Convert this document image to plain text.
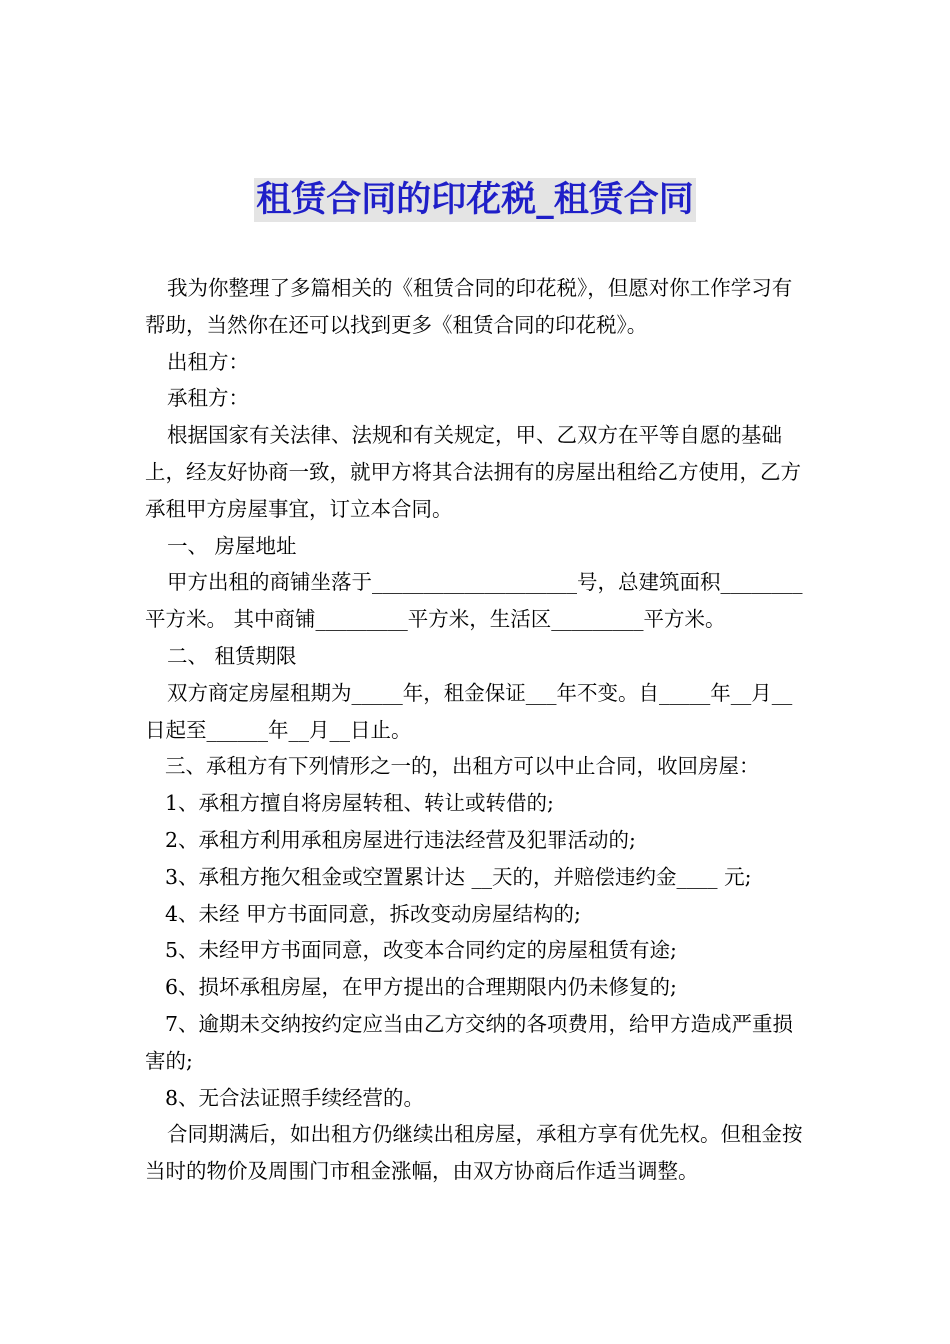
租赁合同的印花税_租赁合同

我为你整理了多篇相关的《租赁合同的印花税》，但愿对你工作学习有帮助，当然你在还可以找到更多《租赁合同的印花税》。

出租方：

承租方：

根据国家有关法律、法规和有关规定，甲、乙双方在平等自愿的基础上，经友好协商一致，就甲方将其合法拥有的房屋出租给乙方使用，乙方承租甲方房屋事宜，订立本合同。

一、 房屋地址

甲方出租的商铺坐落于____________________号，总建筑面积________ 平方米。 其中商铺_________平方米，生活区_________平方米。

二、 租赁期限

双方商定房屋租期为_____年，租金保证___年不变。自_____年__月__日起至______年__月__日止。

三、承租方有下列情形之一的，出租方可以中止合同，收回房屋：

1、承租方擅自将房屋转租、转让或转借的;

2、承租方利用承租房屋进行违法经营及犯罪活动的;

3、承租方拖欠租金或空置累计达 __天的，并赔偿违约金____ 元;

4、未经 甲方书面同意，拆改变动房屋结构的;

5、未经甲方书面同意，改变本合同约定的房屋租赁有途;

6、损坏承租房屋，在甲方提出的合理期限内仍未修复的;

7、逾期未交纳按约定应当由乙方交纳的各项费用，给甲方造成严重损害的;

8、无合法证照手续经营的。

合同期满后，如出租方仍继续出租房屋，承租方享有优先权。但租金按当时的物价及周围门市租金涨幅，由双方协商后作适当调整。
